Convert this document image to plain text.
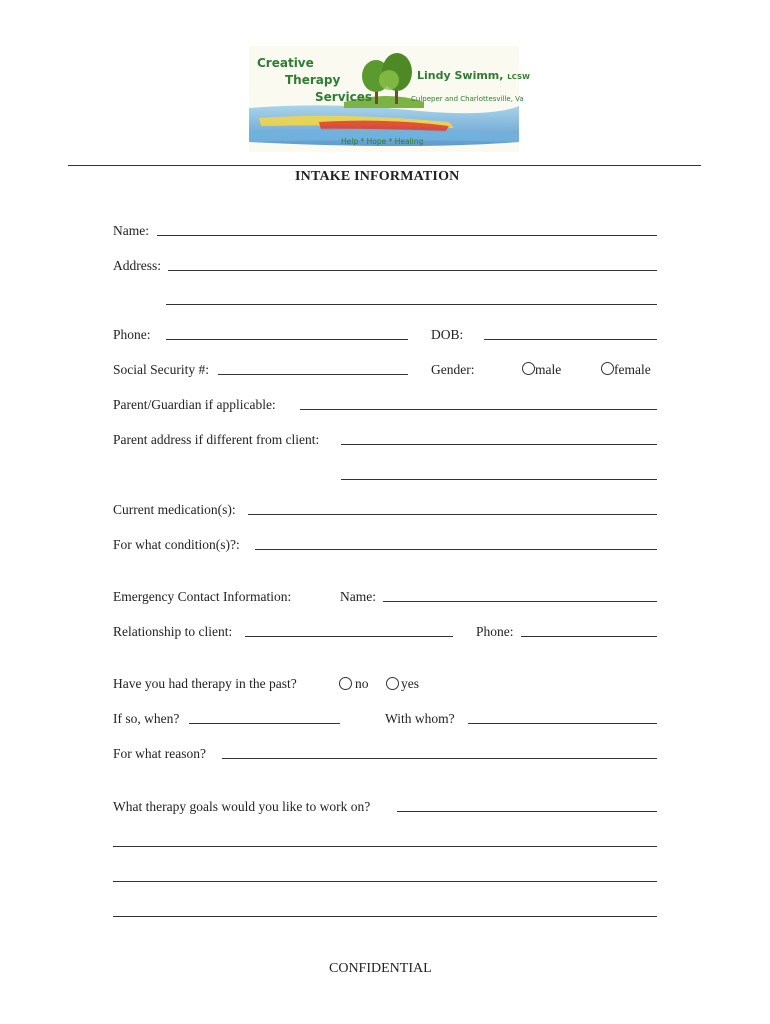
Creative
Therapy
Services
Lindy Swimm, LCSW
Culpeper and Charlottesville, Va
Help * Hope * Healing
INTAKE INFORMATION
Name:
Address:
Phone:	DOB:
Social Security #:	Gender:	male	female
Parent/Guardian if applicable:
Parent address if different from client:
Current medication(s):
For what condition(s)?:
Emergency Contact Information:	Name:
Relationship to client:	Phone:
Have you had therapy in the past?	no yes
If so, when?	With whom?
For what reason?
What therapy goals would you like to work on?
CONFIDENTIAL
